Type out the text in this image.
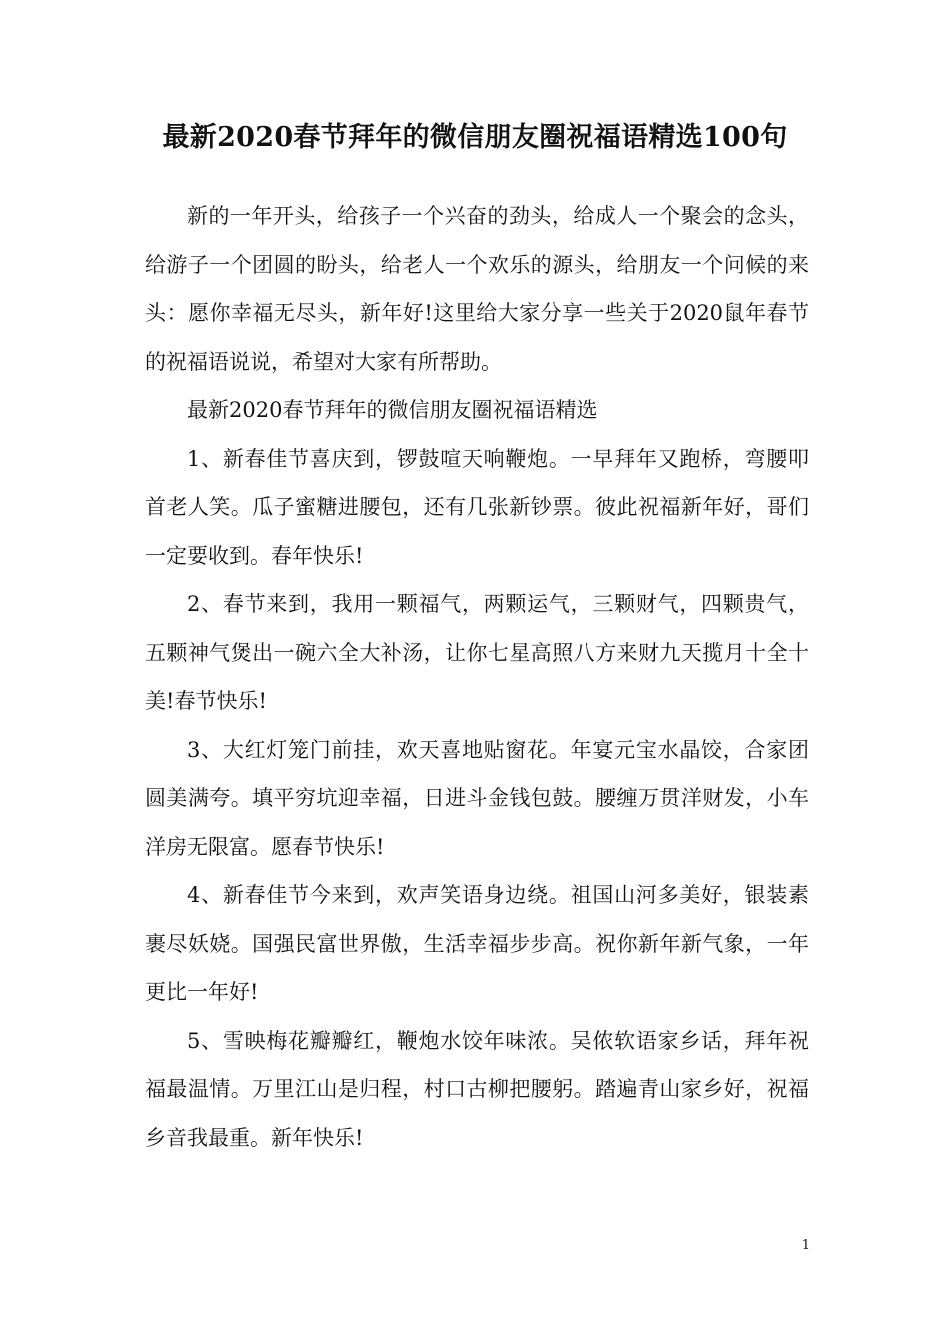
最新2020春节拜年的微信朋友圈祝福语精选100句

新的一年开头，给孩子一个兴奋的劲头，给成人一个聚会的念头，给游子一个团圆的盼头，给老人一个欢乐的源头，给朋友一个问候的来头：愿你幸福无尽头，新年好!这里给大家分享一些关于2020鼠年春节的祝福语说说，希望对大家有所帮助。

最新2020春节拜年的微信朋友圈祝福语精选

1、新春佳节喜庆到，锣鼓喧天响鞭炮。一早拜年又跑桥，弯腰叩首老人笑。瓜子蜜糖进腰包，还有几张新钞票。彼此祝福新年好，哥们一定要收到。春年快乐!

2、春节来到，我用一颗福气，两颗运气，三颗财气，四颗贵气，五颗神气煲出一碗六全大补汤，让你七星高照八方来财九天揽月十全十美!春节快乐!

3、大红灯笼门前挂，欢天喜地贴窗花。年宴元宝水晶饺，合家团圆美满夸。填平穷坑迎幸福，日进斗金钱包鼓。腰缠万贯洋财发，小车洋房无限富。愿春节快乐!

4、新春佳节今来到，欢声笑语身边绕。祖国山河多美好，银装素裹尽妖娆。国强民富世界傲，生活幸福步步高。祝你新年新气象，一年更比一年好!

5、雪映梅花瓣瓣红，鞭炮水饺年味浓。吴侬软语家乡话，拜年祝福最温情。万里江山是归程，村口古柳把腰躬。踏遍青山家乡好，祝福乡音我最重。新年快乐!

1
